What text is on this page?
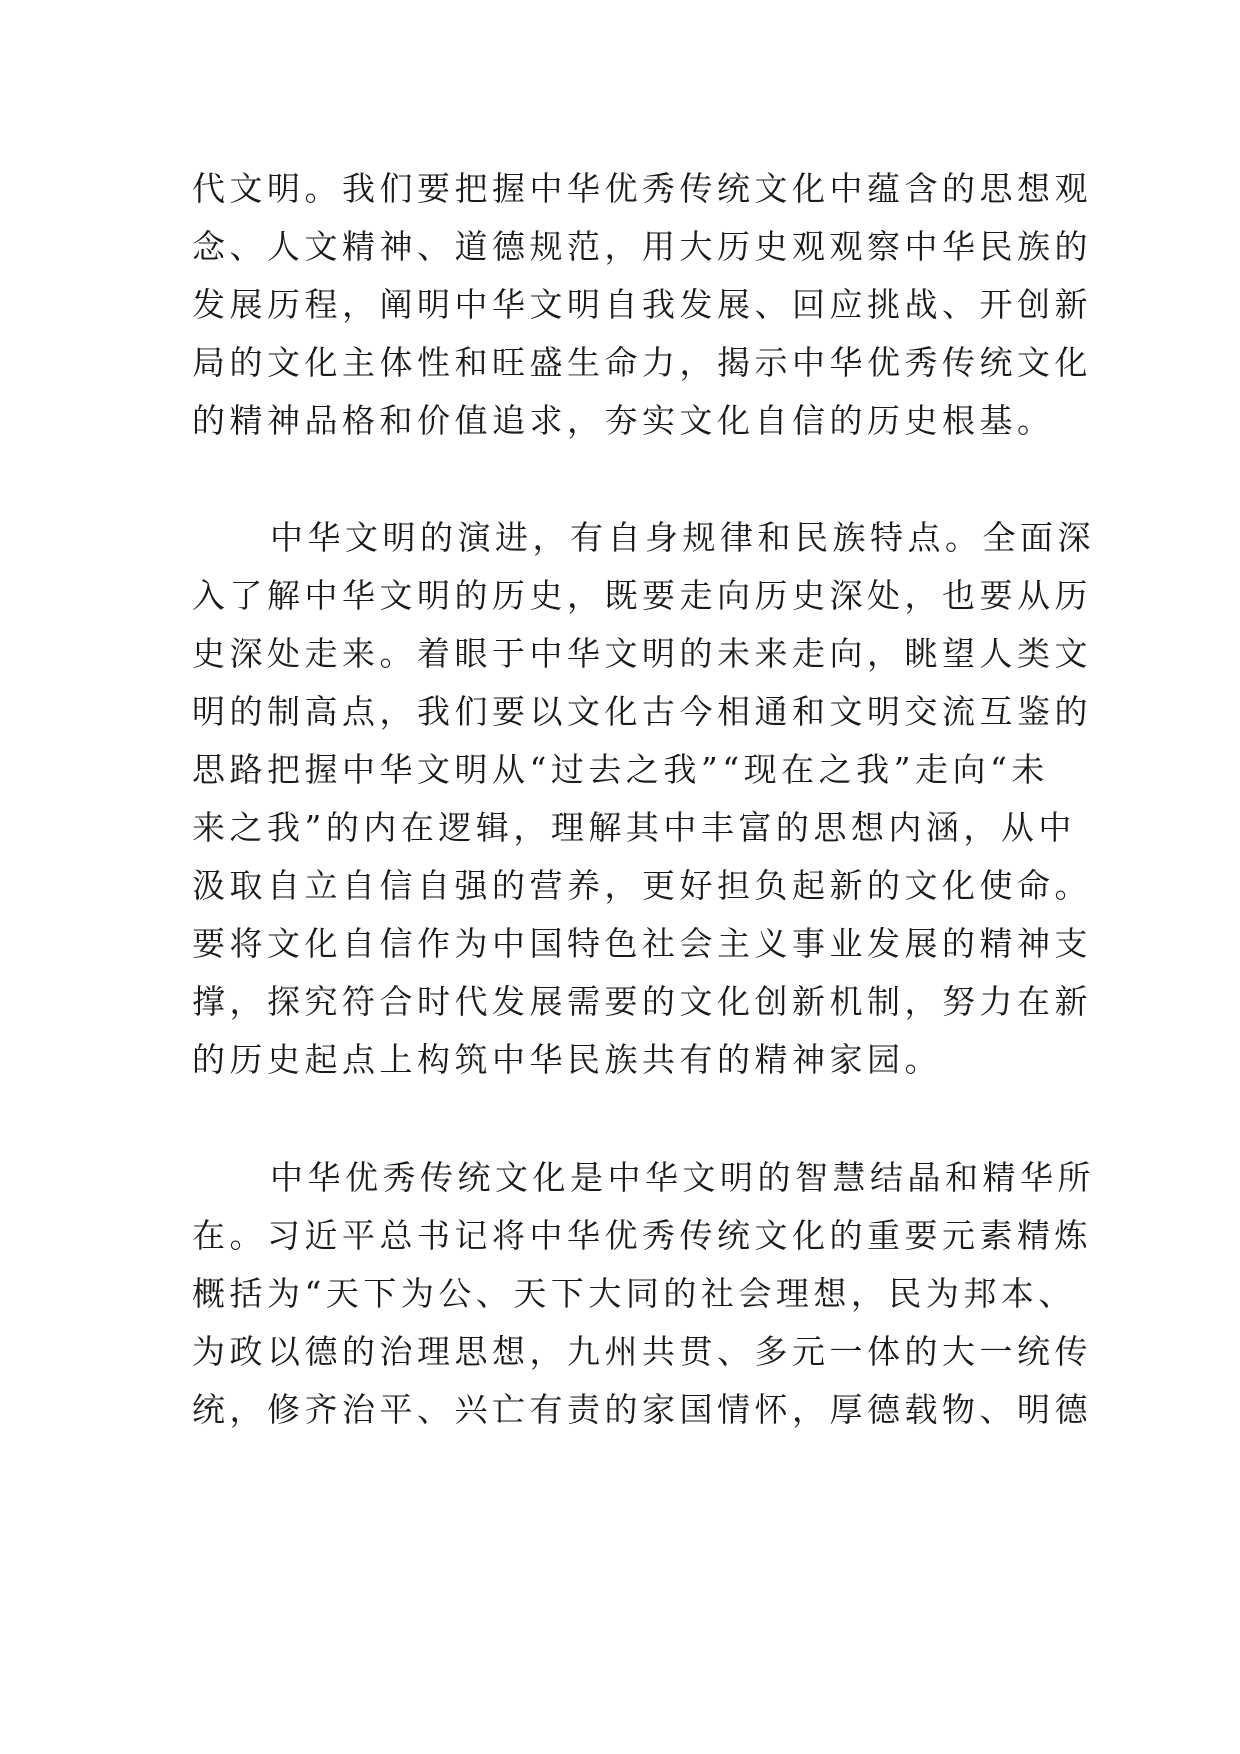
代文明。我们要把握中华优秀传统文化中蕴含的思想观
念、人文精神、道德规范，用大历史观观察中华民族的
发展历程，阐明中华文明自我发展、回应挑战、开创新
局的文化主体性和旺盛生命力，揭示中华优秀传统文化
的精神品格和价值追求，夯实文化自信的历史根基。
中华文明的演进，有自身规律和民族特点。全面深
入了解中华文明的历史，既要走向历史深处，也要从历
史深处走来。着眼于中华文明的未来走向，眺望人类文
明的制高点，我们要以文化古今相通和文明交流互鉴的
思路把握中华文明从“过去之我”“现在之我”走向“未
来之我”的内在逻辑，理解其中丰富的思想内涵，从中
汲取自立自信自强的营养，更好担负起新的文化使命。
要将文化自信作为中国特色社会主义事业发展的精神支
撑，探究符合时代发展需要的文化创新机制，努力在新
的历史起点上构筑中华民族共有的精神家园。
中华优秀传统文化是中华文明的智慧结晶和精华所
在。习近平总书记将中华优秀传统文化的重要元素精炼
概括为“天下为公、天下大同的社会理想，民为邦本、
为政以德的治理思想，九州共贯、多元一体的大一统传
统，修齐治平、兴亡有责的家国情怀，厚德载物、明德
